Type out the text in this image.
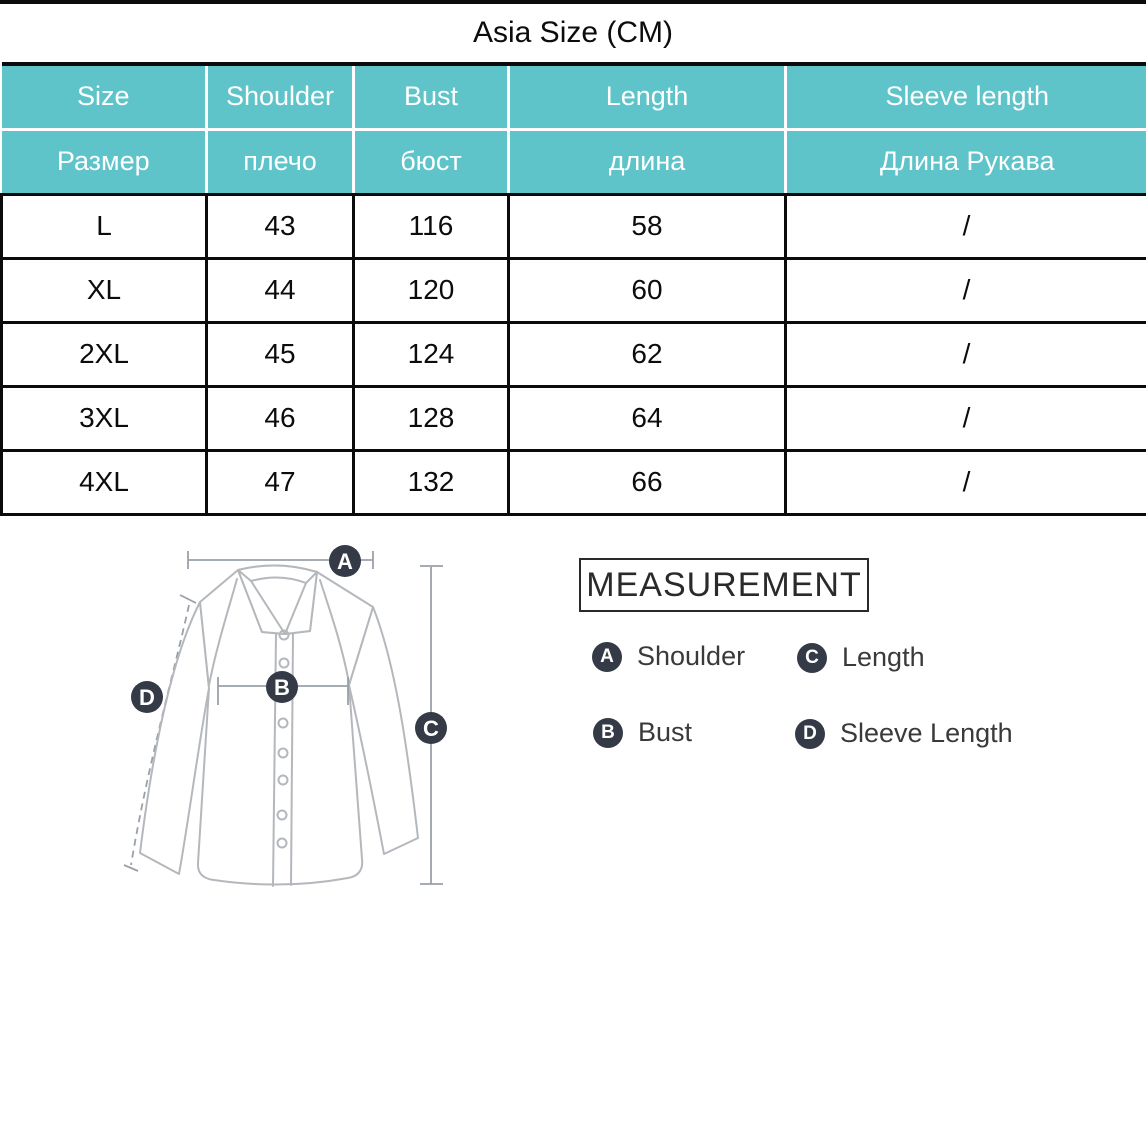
Asia Size (CM)
Size	Shoulder	Bust	Length	Sleeve length
Размер	плечо	бюст	длина	Длина Рукава
L	43	116	58	/
XL	44	120	60	/
2XL	45	124	62	/
3XL	46	128	64	/
4XL	47	132	66	/
A
B
C
D
MEASUREMENT
A Shoulder	C Length
B Bust	D Sleeve Length
